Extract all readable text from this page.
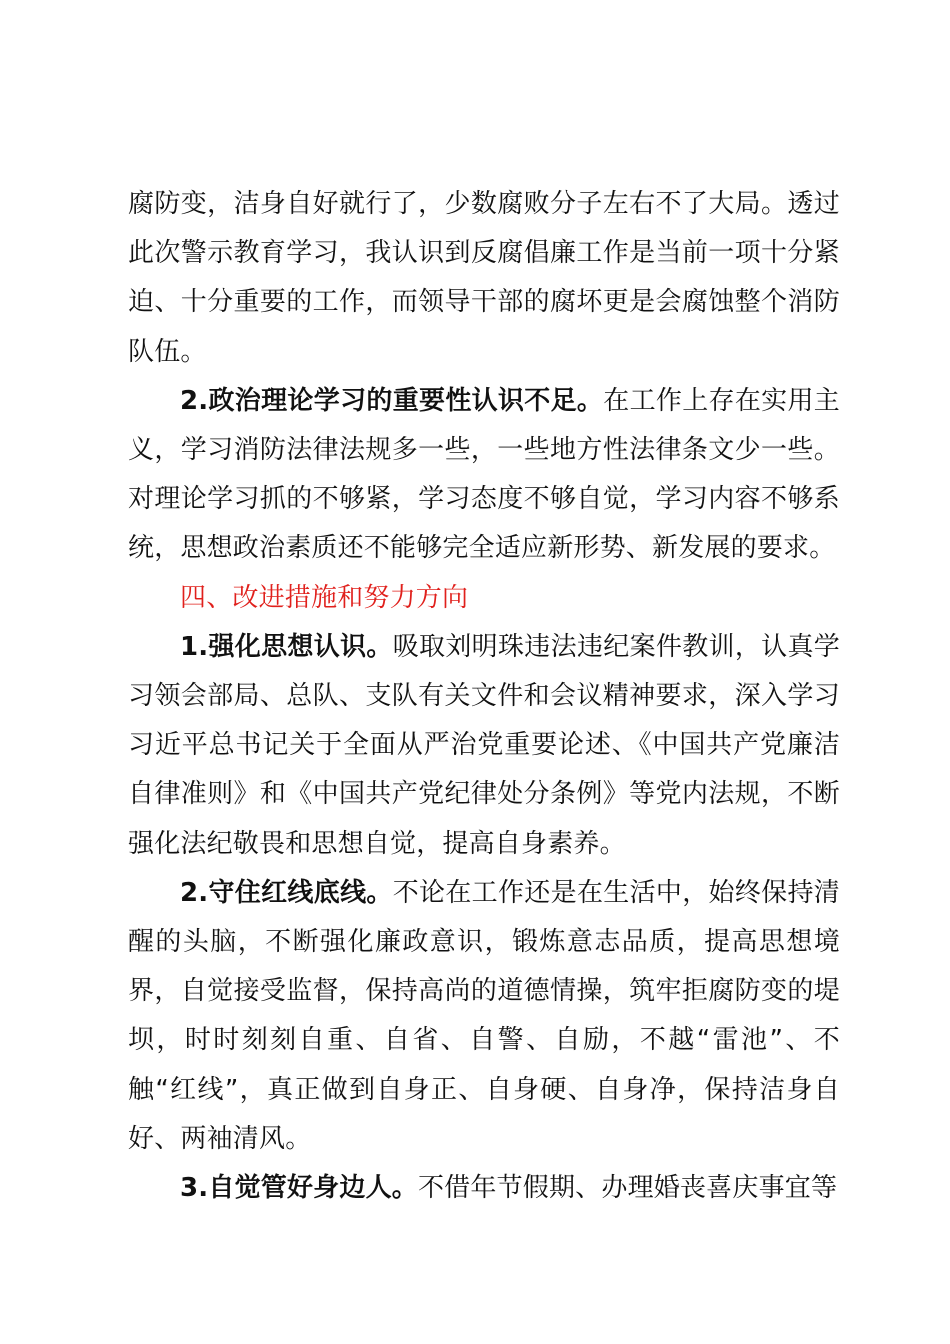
腐防变，洁身自好就行了，少数腐败分子左右不了大局。透过此次警示教育学习，我认识到反腐倡廉工作是当前一项十分紧迫、十分重要的工作，而领导干部的腐坏更是会腐蚀整个消防队伍。

2.政治理论学习的重要性认识不足。在工作上存在实用主义，学习消防法律法规多一些，一些地方性法律条文少一些。对理论学习抓的不够紧，学习态度不够自觉，学习内容不够系统，思想政治素质还不能够完全适应新形势、新发展的要求。

四、改进措施和努力方向

1.强化思想认识。吸取刘明珠违法违纪案件教训，认真学习领会部局、总队、支队有关文件和会议精神要求，深入学习习近平总书记关于全面从严治党重要论述、《中国共产党廉洁自律准则》和《中国共产党纪律处分条例》等党内法规，不断强化法纪敬畏和思想自觉，提高自身素养。

2.守住红线底线。不论在工作还是在生活中，始终保持清醒的头脑，不断强化廉政意识，锻炼意志品质，提高思想境界，自觉接受监督，保持高尚的道德情操，筑牢拒腐防变的堤坝，时时刻刻自重、自省、自警、自励，不越“雷池”、不触“红线”，真正做到自身正、自身硬、自身净，保持洁身自好、两袖清风。

3.自觉管好身边人。不借年节假期、办理婚丧喜庆事宜等
